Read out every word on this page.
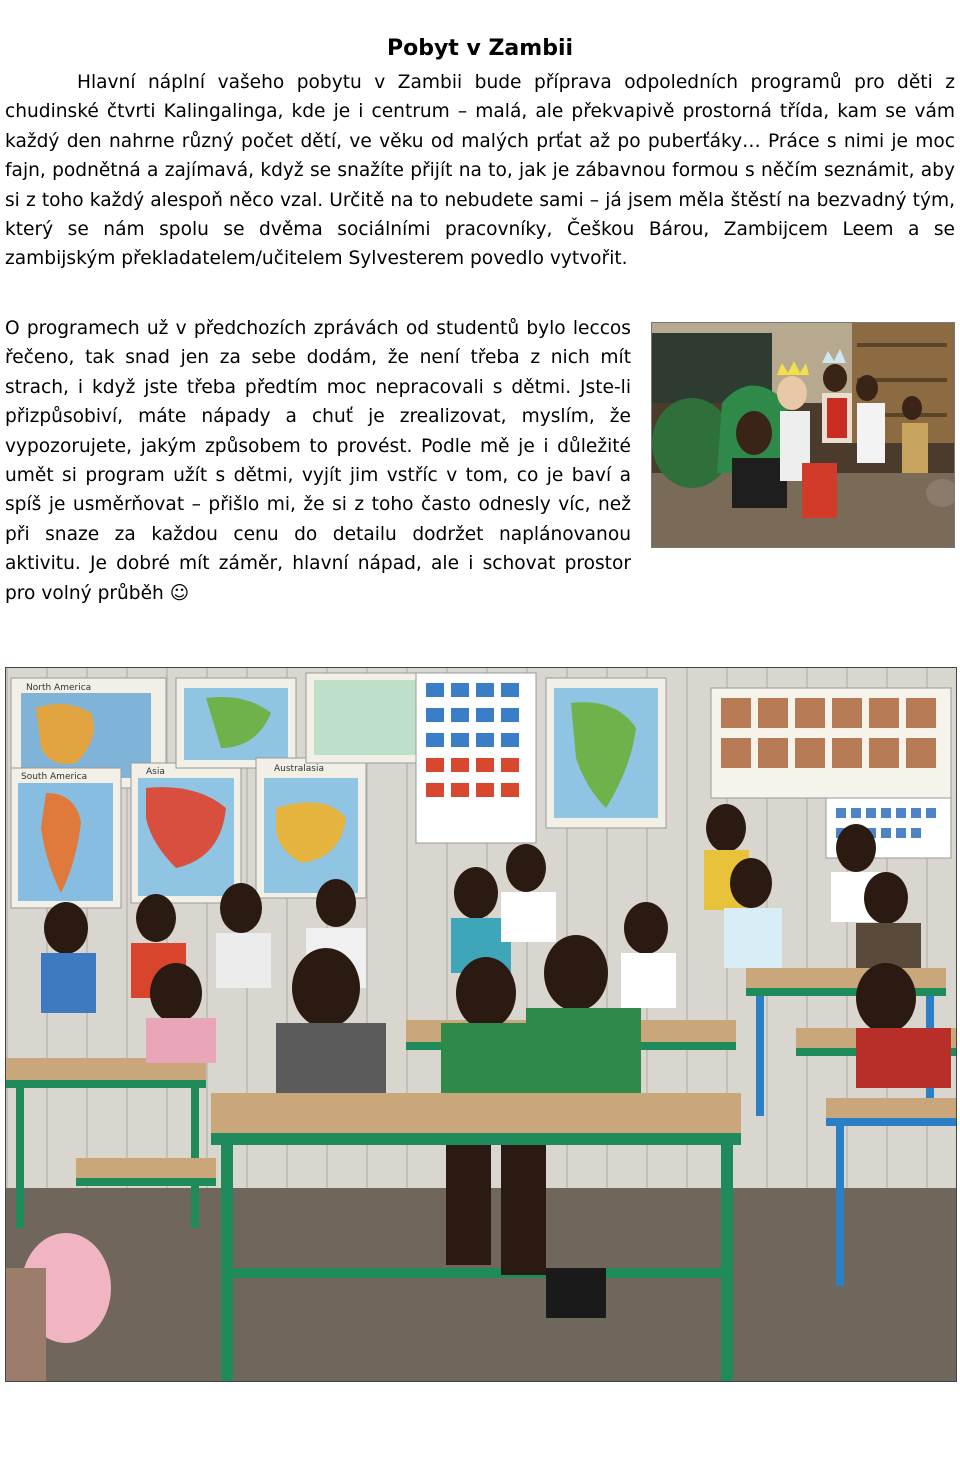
Pobyt v Zambii

Hlavní náplní vašeho pobytu v Zambii bude příprava odpoledních programů pro děti z chudinské čtvrti Kalingalinga, kde je i centrum – malá, ale překvapivě prostorná třída, kam se vám každý den nahrne různý počet dětí, ve věku od malých prťat až po puberťáky… Práce s nimi je moc fajn, podnětná a zajímavá, když se snažíte přijít na to, jak je zábavnou formou s něčím seznámit, aby si z toho každý alespoň něco vzal. Určitě na to nebudete sami – já jsem měla štěstí na bezvadný tým, který se nám spolu se dvěma sociálními pracovníky, Češkou Bárou, Zambijcem Leem a se zambijským překladatelem/učitelem Sylvesterem povedlo vytvořit.

O programech už v předchozích zprávách od studentů bylo leccos řečeno, tak snad jen za sebe dodám, že není třeba z nich mít strach, i když jste třeba předtím moc nepracovali s dětmi. Jste-li přizpůsobiví, máte nápady a chuť je zrealizovat, myslím, že vypozorujete, jakým způsobem to provést. Podle mě je i důležité umět si program užít s dětmi, vyjít jim vstříc v tom, co je baví a spíš je usměrňovat – přišlo mi, že si z toho často odnesly víc, než při snaze za každou cenu do detailu dodržet naplánovanou aktivitu. Je dobré mít záměr, hlavní nápad, ale i schovat prostor pro volný průběh ☺
North America
South America	Asia	Australasia
